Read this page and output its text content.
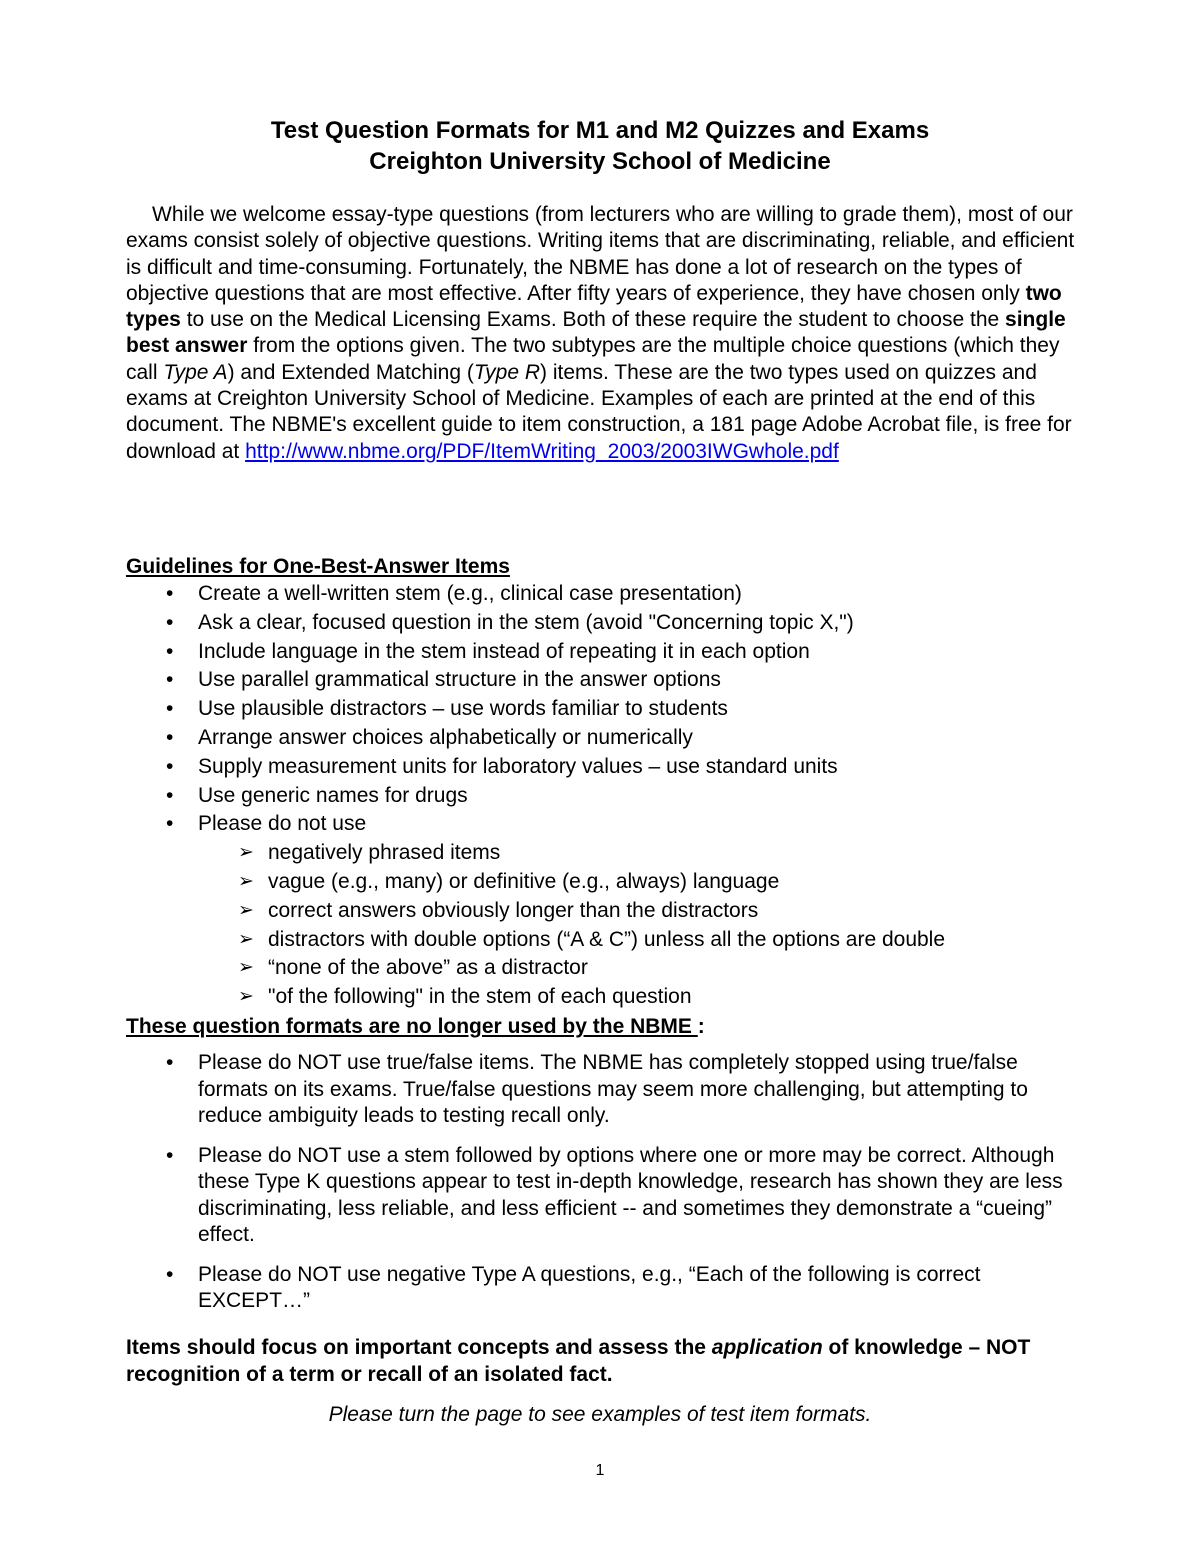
Test Question Formats for M1 and M2 Quizzes and Exams
Creighton University School of Medicine

While we welcome essay-type questions (from lecturers who are willing to grade them), most of our exams consist solely of objective questions. Writing items that are discriminating, reliable, and efficient is difficult and time-consuming. Fortunately, the NBME has done a lot of research on the types of objective questions that are most effective. After fifty years of experience, they have chosen only two types to use on the Medical Licensing Exams. Both of these require the student to choose the single best answer from the options given. The two subtypes are the multiple choice questions (which they call Type A) and Extended Matching (Type R) items. These are the two types used on quizzes and exams at Creighton University School of Medicine. Examples of each are printed at the end of this document. The NBME's excellent guide to item construction, a 181 page Adobe Acrobat file, is free for download at http://www.nbme.org/PDF/ItemWriting_2003/2003IWGwhole.pdf

Guidelines for One-Best-Answer Items

• Create a well-written stem (e.g., clinical case presentation)
• Ask a clear, focused question in the stem (avoid "Concerning topic X,")
• Include language in the stem instead of repeating it in each option
• Use parallel grammatical structure in the answer options
• Use plausible distractors – use words familiar to students
• Arrange answer choices alphabetically or numerically
• Supply measurement units for laboratory values – use standard units
• Use generic names for drugs
• Please do not use
➢ negatively phrased items
➢ vague (e.g., many) or definitive (e.g., always) language
➢ correct answers obviously longer than the distractors
➢ distractors with double options (“A & C”) unless all the options are double
➢ “none of the above” as a distractor
➢ "of the following" in the stem of each question

These question formats are no longer used by the NBME :

• Please do NOT use true/false items. The NBME has completely stopped using true/false formats on its exams. True/false questions may seem more challenging, but attempting to reduce ambiguity leads to testing recall only.
• Please do NOT use a stem followed by options where one or more may be correct. Although these Type K questions appear to test in-depth knowledge, research has shown they are less discriminating, less reliable, and less efficient -- and sometimes they demonstrate a “cueing” effect.
• Please do NOT use negative Type A questions, e.g., “Each of the following is correct EXCEPT…”

Items should focus on important concepts and assess the application of knowledge – NOT recognition of a term or recall of an isolated fact.

Please turn the page to see examples of test item formats.

1
